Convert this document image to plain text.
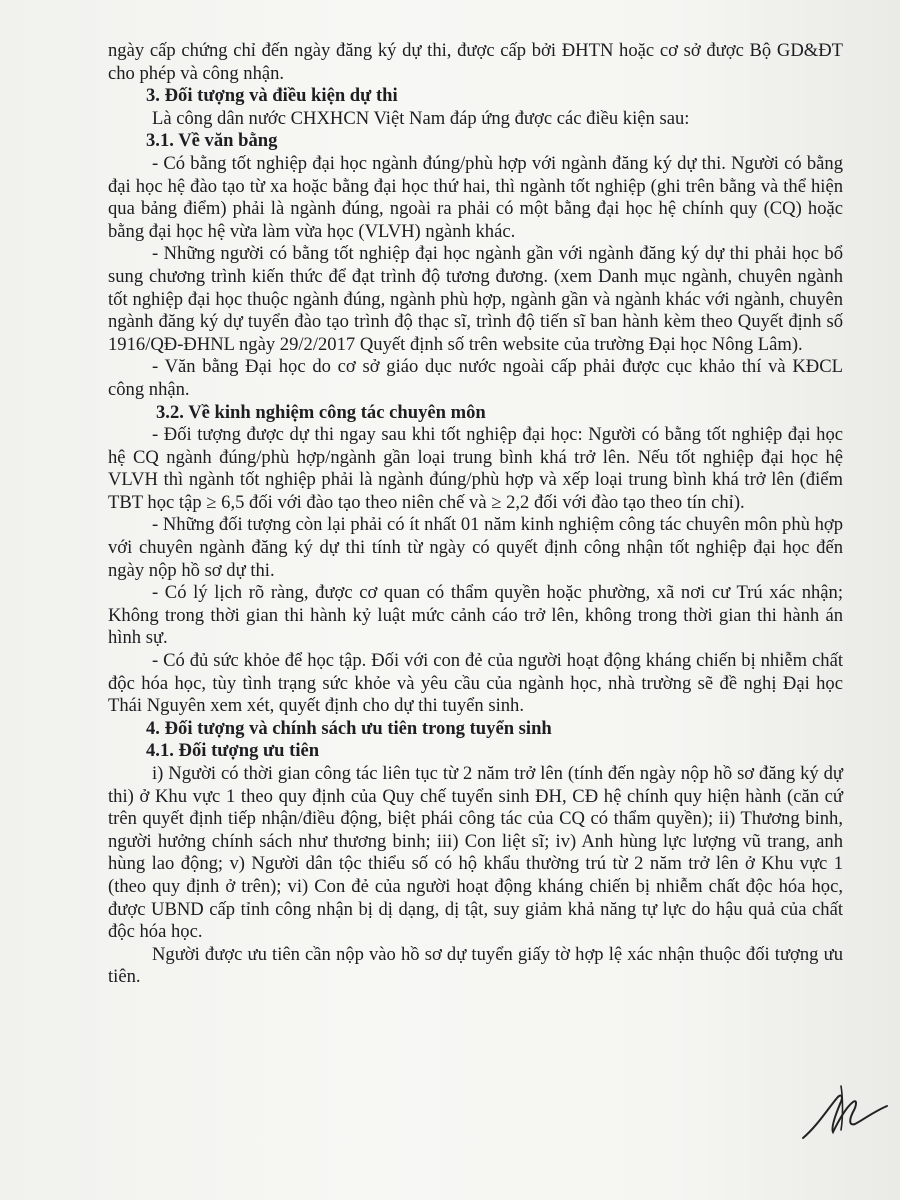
ngày cấp chứng chỉ đến ngày đăng ký dự thi, được cấp bởi ĐHTN hoặc cơ sở được Bộ GD&ĐT cho phép và công nhận.

3. Đối tượng và điều kiện dự thi

Là công dân nước CHXHCN Việt Nam đáp ứng được các điều kiện sau:

3.1. Về văn bằng

- Có bằng tốt nghiệp đại học ngành đúng/phù hợp với ngành đăng ký dự thi. Người có bằng đại học hệ đào tạo từ xa hoặc bằng đại học thứ hai, thì ngành tốt nghiệp (ghi trên bằng và thể hiện qua bảng điểm) phải là ngành đúng, ngoài ra phải có một bằng đại học hệ chính quy (CQ) hoặc bằng đại học hệ vừa làm vừa học (VLVH) ngành khác.

- Những người có bằng tốt nghiệp đại học ngành gần với ngành đăng ký dự thi phải học bổ sung chương trình kiến thức để đạt trình độ tương đương. (xem Danh mục ngành, chuyên ngành tốt nghiệp đại học thuộc ngành đúng, ngành phù hợp, ngành gần và ngành khác với ngành, chuyên ngành đăng ký dự tuyển đào tạo trình độ thạc sĩ, trình độ tiến sĩ ban hành kèm theo Quyết định số 1916/QĐ-ĐHNL ngày 29/2/2017 Quyết định số trên website của trường Đại học Nông Lâm).

- Văn bằng Đại học do cơ sở giáo dục nước ngoài cấp phải được cục khảo thí và KĐCL công nhận.

3.2. Về kinh nghiệm công tác chuyên môn

- Đối tượng được dự thi ngay sau khi tốt nghiệp đại học: Người có bằng tốt nghiệp đại học hệ CQ ngành đúng/phù hợp/ngành gần loại trung bình khá trở lên. Nếu tốt nghiệp đại học hệ VLVH thì ngành tốt nghiệp phải là ngành đúng/phù hợp và xếp loại trung bình khá trở lên (điểm TBT học tập ≥ 6,5 đối với đào tạo theo niên chế và ≥ 2,2 đối với đào tạo theo tín chỉ).

- Những đối tượng còn lại phải có ít nhất 01 năm kinh nghiệm công tác chuyên môn phù hợp với chuyên ngành đăng ký dự thi tính từ ngày có quyết định công nhận tốt nghiệp đại học đến ngày nộp hồ sơ dự thi.

- Có lý lịch rõ ràng, được cơ quan có thẩm quyền hoặc phường, xã nơi cư Trú xác nhận; Không trong thời gian thi hành kỷ luật mức cảnh cáo trở lên, không trong thời gian thi hành án hình sự.

- Có đủ sức khỏe để học tập. Đối với con đẻ của người hoạt động kháng chiến bị nhiễm chất độc hóa học, tùy tình trạng sức khỏe và yêu cầu của ngành học, nhà trường sẽ đề nghị Đại học Thái Nguyên xem xét, quyết định cho dự thi tuyển sinh.

4. Đối tượng và chính sách ưu tiên trong tuyển sinh

4.1. Đối tượng ưu tiên

i) Người có thời gian công tác liên tục từ 2 năm trở lên (tính đến ngày nộp hồ sơ đăng ký dự thi) ở Khu vực 1 theo quy định của Quy chế tuyển sinh ĐH, CĐ hệ chính quy hiện hành (căn cứ trên quyết định tiếp nhận/điều động, biệt phái công tác của CQ có thẩm quyền); ii) Thương binh, người hưởng chính sách như thương binh; iii) Con liệt sĩ; iv) Anh hùng lực lượng vũ trang, anh hùng lao động; v) Người dân tộc thiểu số có hộ khẩu thường trú từ 2 năm trở lên ở Khu vực 1 (theo quy định ở trên); vi) Con đẻ của người hoạt động kháng chiến bị nhiễm chất độc hóa học, được UBND cấp tỉnh công nhận bị dị dạng, dị tật, suy giảm khả năng tự lực do hậu quả của chất độc hóa học.

Người được ưu tiên cần nộp vào hồ sơ dự tuyển giấy tờ hợp lệ xác nhận thuộc đối tượng ưu tiên.
